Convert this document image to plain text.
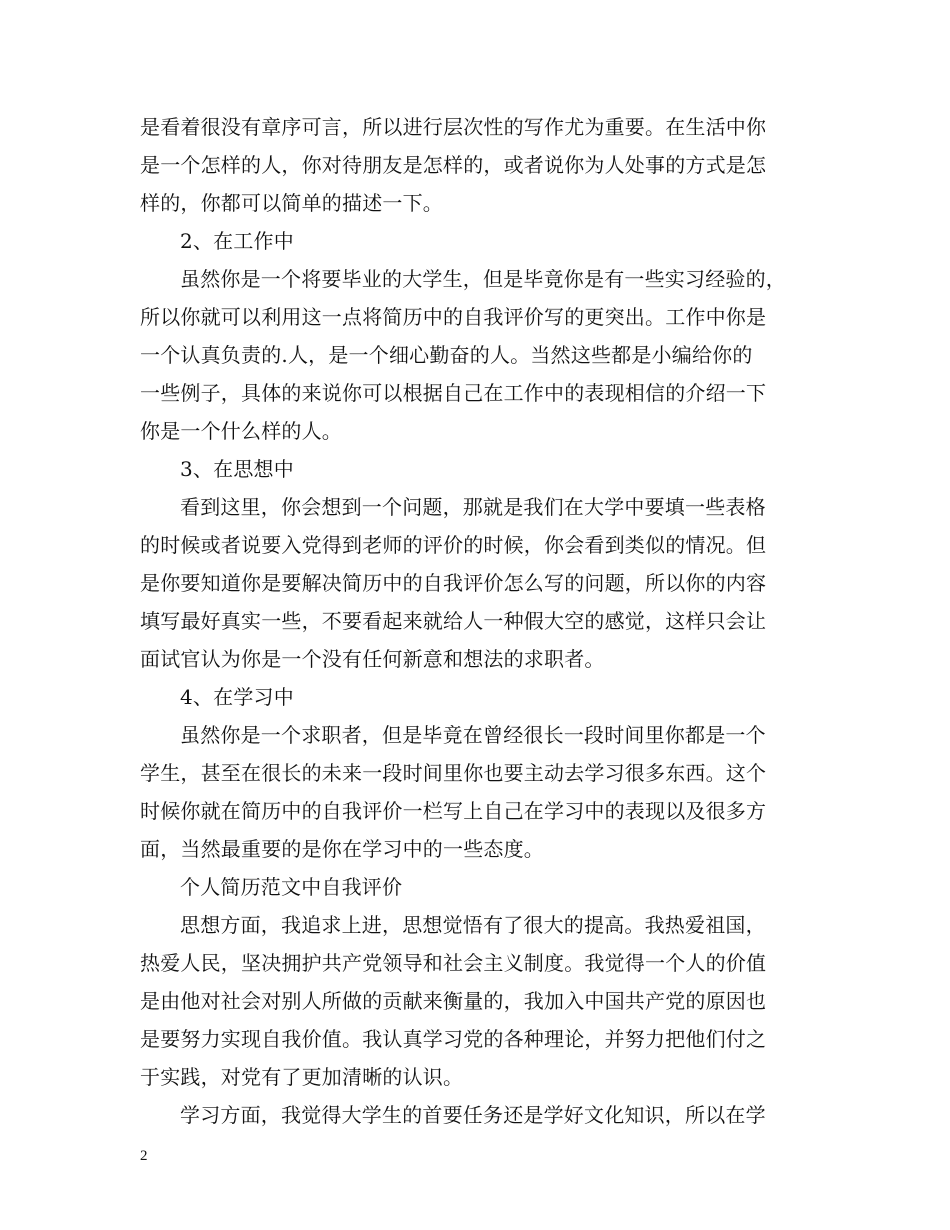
是看着很没有章序可言，所以进行层次性的写作尤为重要。在生活中你
是一个怎样的人，你对待朋友是怎样的，或者说你为人处事的方式是怎
样的，你都可以简单的描述一下。
2、在工作中
虽然你是一个将要毕业的大学生，但是毕竟你是有一些实习经验的，
所以你就可以利用这一点将简历中的自我评价写的更突出。工作中你是
一个认真负责的.人，是一个细心勤奋的人。当然这些都是小编给你的
一些例子，具体的来说你可以根据自己在工作中的表现相信的介绍一下
你是一个什么样的人。
3、在思想中
看到这里，你会想到一个问题，那就是我们在大学中要填一些表格
的时候或者说要入党得到老师的评价的时候，你会看到类似的情况。但
是你要知道你是要解决简历中的自我评价怎么写的问题，所以你的内容
填写最好真实一些，不要看起来就给人一种假大空的感觉，这样只会让
面试官认为你是一个没有任何新意和想法的求职者。
4、在学习中
虽然你是一个求职者，但是毕竟在曾经很长一段时间里你都是一个
学生，甚至在很长的未来一段时间里你也要主动去学习很多东西。这个
时候你就在简历中的自我评价一栏写上自己在学习中的表现以及很多方
面，当然最重要的是你在学习中的一些态度。
个人简历范文中自我评价
思想方面，我追求上进，思想觉悟有了很大的提高。我热爱祖国，
热爱人民，坚决拥护共产党领导和社会主义制度。我觉得一个人的价值
是由他对社会对别人所做的贡献来衡量的，我加入中国共产党的原因也
是要努力实现自我价值。我认真学习党的各种理论，并努力把他们付之
于实践，对党有了更加清晰的认识。
学习方面，我觉得大学生的首要任务还是学好文化知识，所以在学
2
